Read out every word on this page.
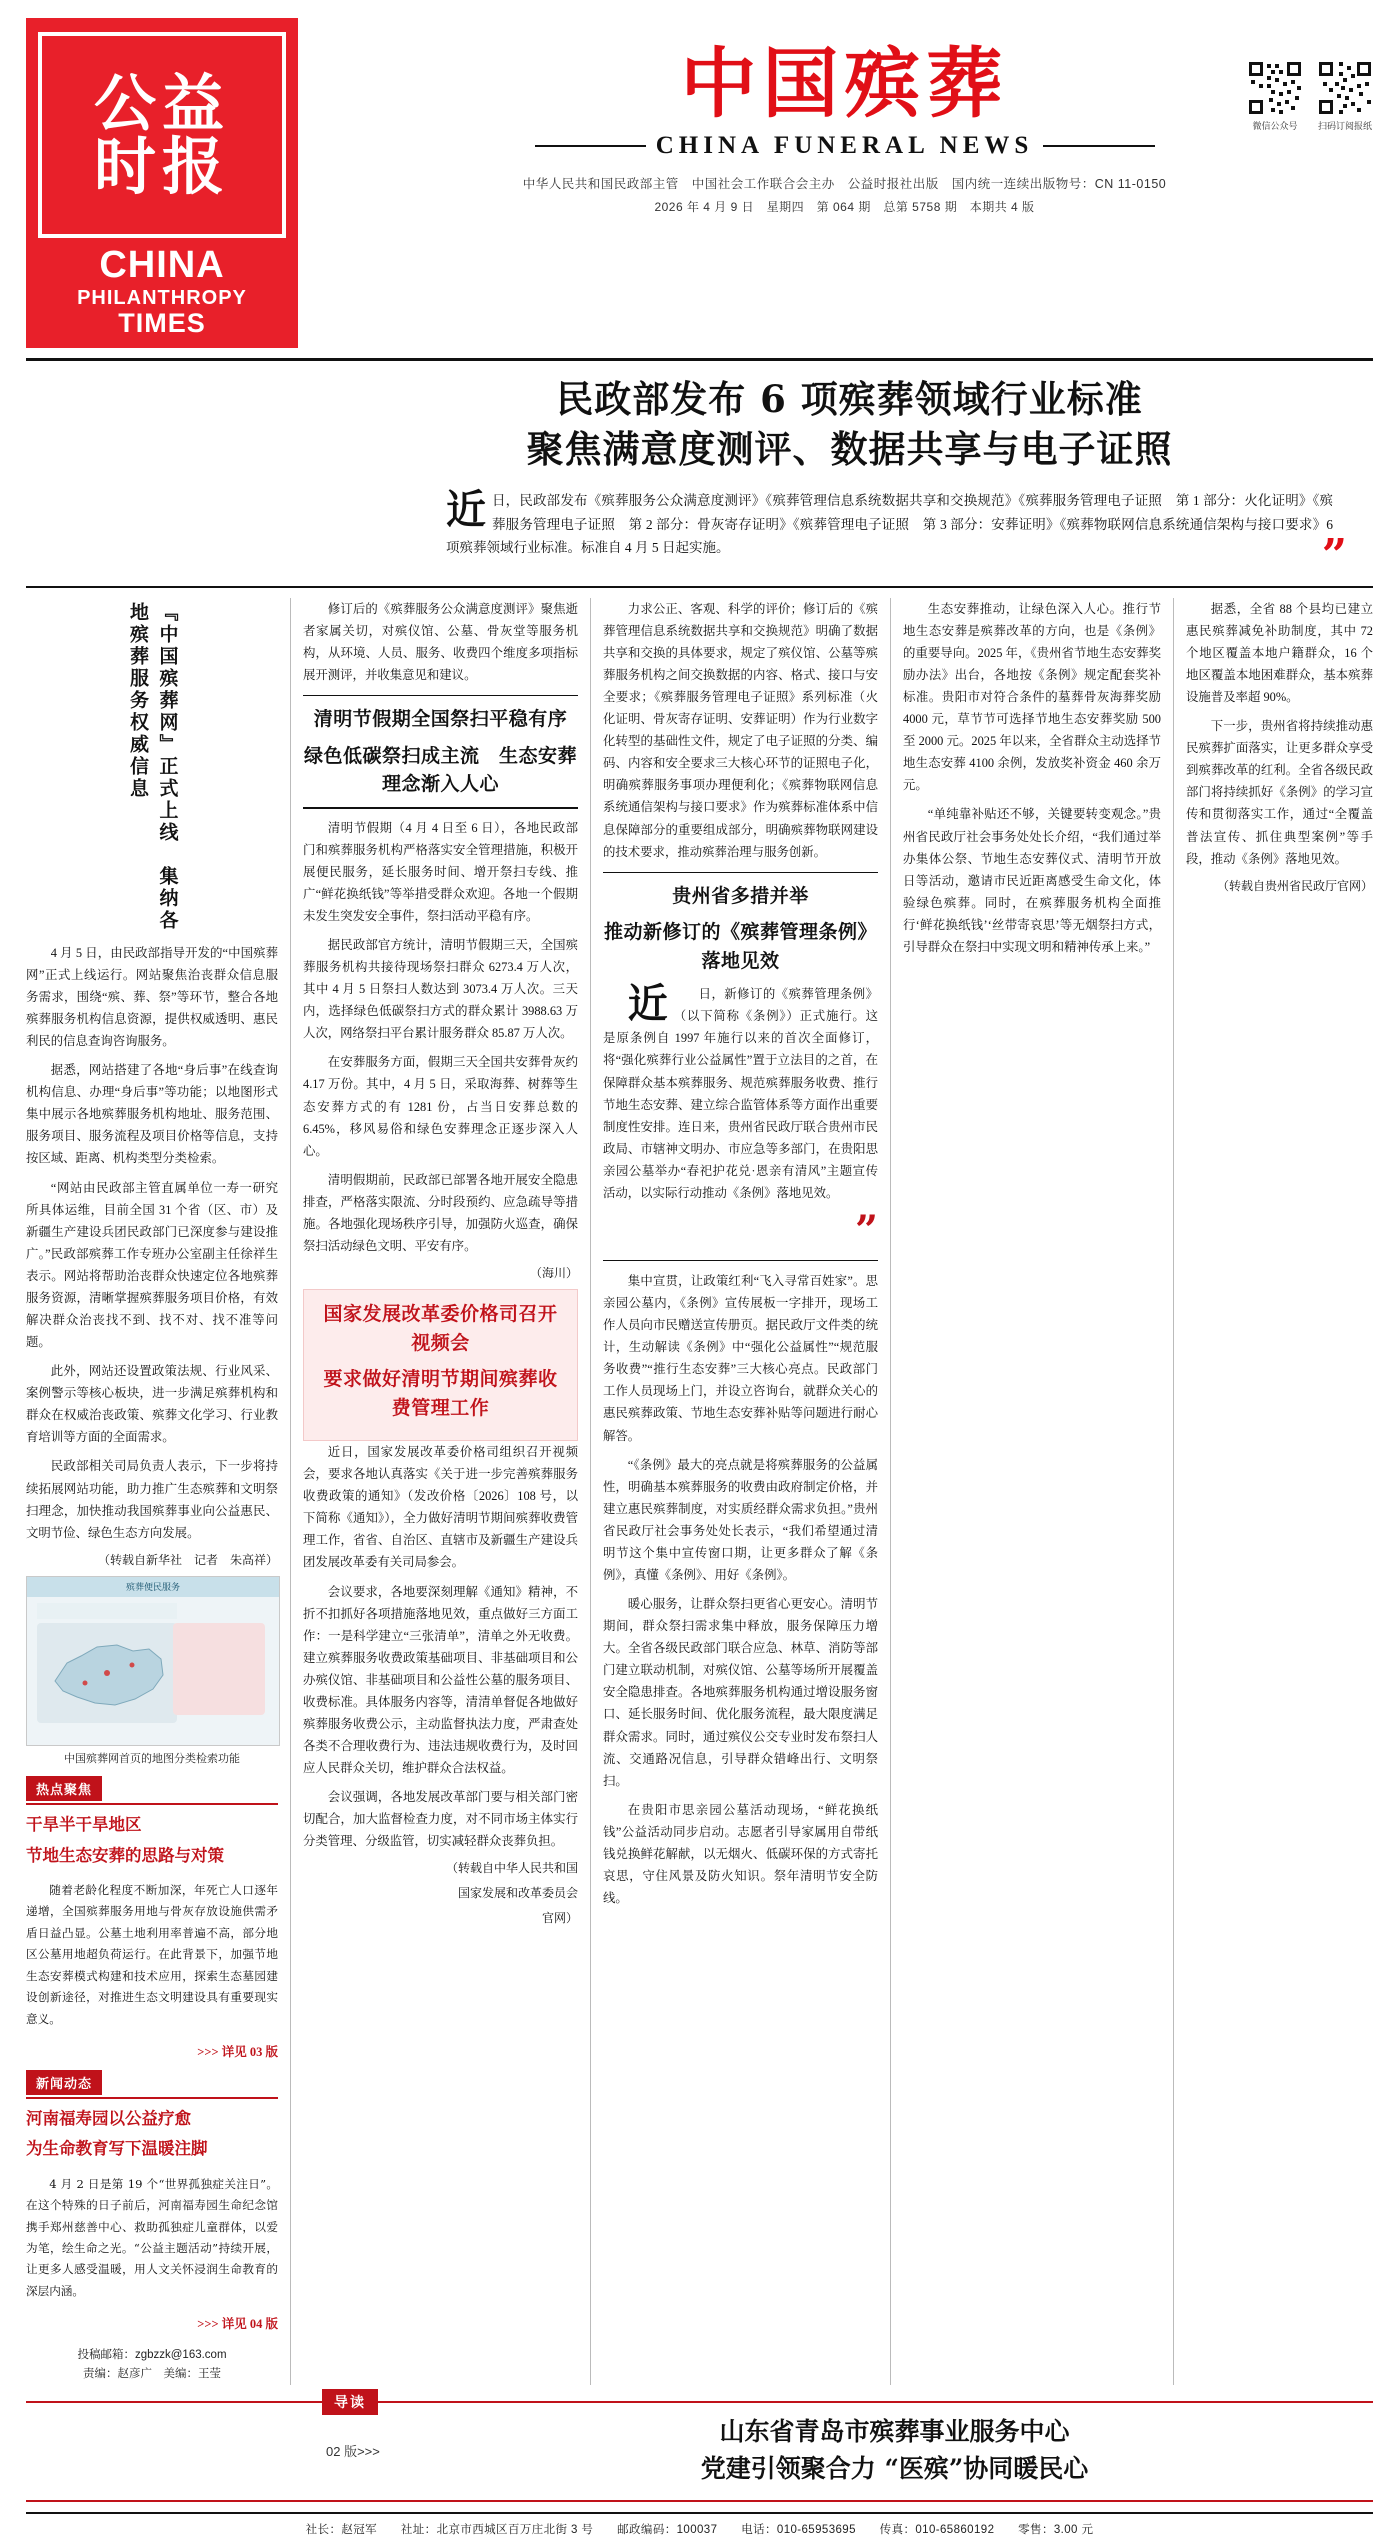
公益
时报
CHINA
PHILANTHROPY
TIMES
中国殡葬
CHINA FUNERAL NEWS
中华人民共和国民政部主管　中国社会工作联合会主办　公益时报社出版　国内统一连续出版物号：CN 11-0150
2026 年 4 月 9 日　星期四　第 064 期　总第 5758 期　本期共 4 版
微信公众号	扫码订阅报纸
民政部发布 6 项殡葬领域行业标准
聚焦满意度测评、数据共享与电子证照
近 日，民政部发布《殡葬服务公众满意度测评》《殡葬管理信息系统数据共享和交换规范》《殡葬服务管理电子证照　第 1 部分：火化证明》《殡葬服务管理电子证照　第 2 部分：骨灰寄存证明》《殡葬管理电子证照　第 3 部分：安葬证明》《殡葬物联网信息系统通信架构与接口要求》6 项殡葬领域行业标准。标准自 4 月 5 日起实施。	”
『中国殡葬网』正式上线　集纳各地殡葬服务权威信息

4 月 5 日，由民政部指导开发的“中国殡葬网”正式上线运行。网站聚焦治丧群众信息服务需求，围绕“殡、葬、祭”等环节，整合各地殡葬服务机构信息资源，提供权威透明、惠民利民的信息查询咨询服务。

据悉，网站搭建了各地“身后事”在线查询机构信息、办理“身后事”等功能；以地图形式集中展示各地殡葬服务机构地址、服务范围、服务项目、服务流程及项目价格等信息，支持按区域、距离、机构类型分类检索。

“网站由民政部主管直属单位一寿一研究所具体运维，目前全国 31 个省（区、市）及新疆生产建设兵团民政部门已深度参与建设推广。”民政部殡葬工作专班办公室副主任徐祥生表示。网站将帮助治丧群众快速定位各地殡葬服务资源，清晰掌握殡葬服务项目价格，有效解决群众治丧找不到、找不对、找不准等问题。

此外，网站还设置政策法规、行业风采、案例警示等核心板块，进一步满足殡葬机构和群众在权威治丧政策、殡葬文化学习、行业教育培训等方面的全面需求。

民政部相关司局负责人表示，下一步将持续拓展网站功能，助力推广生态殡葬和文明祭扫理念，加快推动我国殡葬事业向公益惠民、文明节俭、绿色生态方向发展。

（转载自新华社　记者　朱高祥）

殡葬便民服务
中国殡葬网首页的地图分类检索功能
热点聚焦
干旱半干旱地区
节地生态安葬的思路与对策

随着老龄化程度不断加深，年死亡人口逐年递增，全国殡葬服务用地与骨灰存放设施供需矛盾日益凸显。公墓土地利用率普遍不高，部分地区公墓用地超负荷运行。在此背景下，加强节地生态安葬模式构建和技术应用，探索生态墓园建设创新途径，对推进生态文明建设具有重要现实意义。

>>> 详见 03 版
新闻动态
河南福寿园以公益疗愈
为生命教育写下温暖注脚

4 月 2 日是第 19 个“世界孤独症关注日”。在这个特殊的日子前后，河南福寿园生命纪念馆携手郑州慈善中心、救助孤独症儿童群体，以爱为笔，绘生命之光。“公益主题活动”持续开展，让更多人感受温暖，用人文关怀浸润生命教育的深层内涵。

>>> 详见 04 版
投稿邮箱：zgbzzk@163.com
责编：赵彦广　美编：王莹

修订后的《殡葬服务公众满意度测评》聚焦逝者家属关切，对殡仪馆、公墓、骨灰堂等服务机构，从环境、人员、服务、收费四个维度多项指标展开测评，并收集意见和建议。

清明节假期全国祭扫平稳有序
绿色低碳祭扫成主流　生态安葬理念渐入人心

清明节假期（4 月 4 日至 6 日），各地民政部门和殡葬服务机构严格落实安全管理措施，积极开展便民服务，延长服务时间、增开祭扫专线、推广“鲜花换纸钱”等举措受群众欢迎。各地一个假期未发生突发安全事件，祭扫活动平稳有序。

据民政部官方统计，清明节假期三天，全国殡葬服务机构共接待现场祭扫群众 6273.4 万人次，其中 4 月 5 日祭扫人数达到 3073.4 万人次。三天内，选择绿色低碳祭扫方式的群众累计 3988.63 万人次，网络祭扫平台累计服务群众 85.87 万人次。

在安葬服务方面，假期三天全国共安葬骨灰约 4.17 万份。其中，4 月 5 日，采取海葬、树葬等生态安葬方式的有 1281 份，占当日安葬总数的 6.45%，移风易俗和绿色安葬理念正逐步深入人心。

清明假期前，民政部已部署各地开展安全隐患排查，严格落实限流、分时段预约、应急疏导等措施。各地强化现场秩序引导，加强防火巡查，确保祭扫活动绿色文明、平安有序。

（海川）

国家发展改革委价格司召开视频会
要求做好清明节期间殡葬收费管理工作

近日，国家发展改革委价格司组织召开视频会，要求各地认真落实《关于进一步完善殡葬服务收费政策的通知》（发改价格〔2026〕108 号，以下简称《通知》），全力做好清明节期间殡葬收费管理工作，省省、自治区、直辖市及新疆生产建设兵团发展改革委有关司局参会。

会议要求，各地要深刻理解《通知》精神，不折不扣抓好各项措施落地见效，重点做好三方面工作：一是科学建立“三张清单”，清单之外无收费。建立殡葬服务收费政策基础项目、非基础项目和公办殡仪馆、非基础项目和公益性公墓的服务项目、收费标准。具体服务内容等，清清单督促各地做好殡葬服务收费公示，主动监督执法力度，严肃查处各类不合理收费行为、违法违规收费行为，及时回应人民群众关切，维护群众合法权益。

会议强调，各地发展改革部门要与相关部门密切配合，加大监督检查力度，对不同市场主体实行分类管理、分级监管，切实减轻群众丧葬负担。

（转载自中华人民共和国

国家发展和改革委员会

官网）

力求公正、客观、科学的评价；修订后的《殡葬管理信息系统数据共享和交换规范》明确了数据共享和交换的具体要求，规定了殡仪馆、公墓等殡葬服务机构之间交换数据的内容、格式、接口与安全要求；《殡葬服务管理电子证照》系列标准（火化证明、骨灰寄存证明、安葬证明）作为行业数字化转型的基础性文件，规定了电子证照的分类、编码、内容和安全要求三大核心环节的证照电子化，明确殡葬服务事项办理便利化；《殡葬物联网信息系统通信架构与接口要求》作为殡葬标准体系中信息保障部分的重要组成部分，明确殡葬物联网建设的技术要求，推动殡葬治理与服务创新。

贵州省多措并举
推动新修订的《殡葬管理条例》落地见效

近 日，新修订的《殡葬管理条例》（以下简称《条例》）正式施行。这是原条例自 1997 年施行以来的首次全面修订，将“强化殡葬行业公益属性”置于立法目的之首，在保障群众基本殡葬服务、规范殡葬服务收费、推行节地生态安葬、建立综合监管体系等方面作出重要制度性安排。连日来，贵州省民政厅联合贵州市民政局、市辖神文明办、市应急等多部门，在贵阳思亲园公墓举办“春祀护花兑·恩亲有清风”主题宣传活动，以实际行动推动《条例》落地见效。

”

集中宣贯，让政策红利“飞入寻常百姓家”。思亲园公墓内，《条例》宣传展板一字排开，现场工作人员向市民赠送宣传册页。据民政厅文件类的统计，生动解读《条例》中“强化公益属性”“规范服务收费”“推行生态安葬”三大核心亮点。民政部门工作人员现场上门，并设立咨询台，就群众关心的惠民殡葬政策、节地生态安葬补贴等问题进行耐心解答。

“《条例》最大的亮点就是将殡葬服务的公益属性，明确基本殡葬服务的收费由政府制定价格，并建立惠民殡葬制度，对实质经群众需求负担。”贵州省民政厅社会事务处处长表示，“我们希望通过清明节这个集中宣传窗口期，让更多群众了解《条例》，真懂《条例》、用好《条例》。

暖心服务，让群众祭扫更省心更安心。清明节期间，群众祭扫需求集中释放，服务保障压力增大。全省各级民政部门联合应急、林草、消防等部门建立联动机制，对殡仪馆、公墓等场所开展覆盖安全隐患排查。各地殡葬服务机构通过增设服务窗口、延长服务时间、优化服务流程，最大限度满足群众需求。同时，通过殡仪公交专业时发布祭扫人流、交通路况信息，引导群众错峰出行、文明祭扫。

在贵阳市思亲园公墓活动现场，“鲜花换纸钱”公益活动同步启动。志愿者引导家属用自带纸钱兑换鲜花解献，以无烟火、低碳环保的方式寄托哀思，守住风景及防火知识。祭年清明节安全防线。

生态安葬推动，让绿色深入人心。推行节地生态安葬是殡葬改革的方向，也是《条例》的重要导向。2025 年，《贵州省节地生态安葬奖励办法》出台，各地按《条例》规定配套奖补标准。贵阳市对符合条件的墓葬骨灰海葬奖励 4000 元，草节节可选择节地生态安葬奖励 500 至 2000 元。2025 年以来，全省群众主动选择节地生态安葬 4100 余例，发放奖补资金 460 余万元。

“单纯靠补贴还不够，关键要转变观念。”贵州省民政厅社会事务处处长介绍，“我们通过举办集体公祭、节地生态安葬仪式、清明节开放日等活动，邀请市民近距离感受生命文化，体验绿色殡葬。同时，在殡葬服务机构全面推行‘鲜花换纸钱’‘丝带寄哀思’等无烟祭扫方式，引导群众在祭扫中实现文明和精神传承上来。”

据悉，全省 88 个县均已建立惠民殡葬减免补助制度，其中 72 个地区覆盖本地户籍群众，16 个地区覆盖本地困难群众，基本殡葬设施普及率超 90%。

下一步，贵州省将持续推动惠民殡葬扩面落实，让更多群众享受到殡葬改革的红利。全省各级民政部门将持续抓好《条例》的学习宣传和贯彻落实工作，通过“全覆盖普法宣传、抓住典型案例”等手段，推动《条例》落地见效。

（转载自贵州省民政厅官网）

导读
02 版>>>
山东省青岛市殡葬事业服务中心
党建引领聚合力 “医殡”协同暖民心
社长：赵冠军　　社址：北京市西城区百万庄北街 3 号　　邮政编码：100037　　电话：010-65953695　　传真：010-65860192　　零售：3.00 元
